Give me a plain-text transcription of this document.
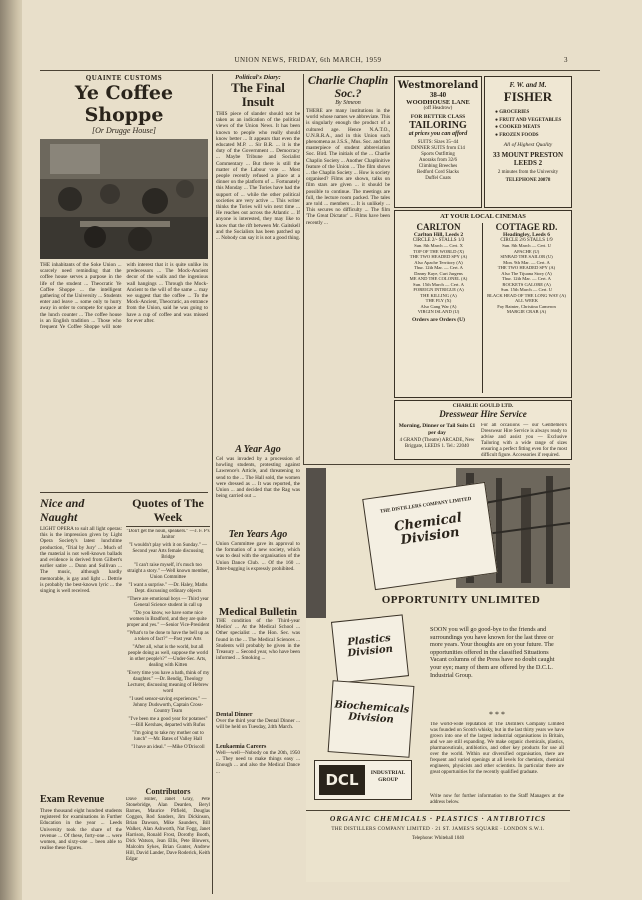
UNION NEWS, FRIDAY, 6th MARCH, 1959	3
QUAINTE CUSTOMS
Ye Coffee Shoppe
[Or Drugge House]
THE inhabitants of the Soke Union ... scarcely need reminding that the coffee house serves a purpose in the life of the student ... Theocratic Ye Coffee Shoppe ... the intelligent gathering of the University ... Students enter and leave ... some only to hurry away in order to compete for space at the lunch counter ... The coffee house is an English tradition ... Those who frequent Ye Coffee Shoppe will note with interest that it is quite unlike its predecessors ... The Mock-Ancient decor of the walls and the ingenious wall hangings ... Through the Mock-Ancient to the will of the same ... may we suggest that the coffee ... To the Mock-Ancient, Theocratic, an entrance from the Union, said he was going to have a cup of coffee and was missed for ever after.
Nice and Naught
LIGHT OPERA to suit all light operas: this is the impression given by Light Opera Society's latest lunchtime production, ‘Trial by Jury’ ... Much of the material is not well-known ballads and evidence is derived from Gilbert's earlier satire ... Dunn and Sullivan ... The music, although hardly memorable, is gay and light ... Dettrie is probably the best-known lyric ... the singing is well received.
Exam Revenue
Three thousand eight hundred students registered for examinations in Further Education in the year ... Leeds University took the share of the revenue ... Of these, forty-one ... were women, and sixty-one ... been able to realise these figures.
Quotes of The Week
"Don't get the noun, speakers." —J. F. P's Janitor
"I wouldn't play with it on Sunday." —Second year Arts female discussing Bridge
"I can't raise myself, it's much too straight a story." —Well known member, Union Committee
"I want a surprise." —Dr. Haley, Maths Dept. discussing ordinary objects
"There are emotional boys — Third year General Science student in call up
"Do you know, we have some nice women in Bradford, and they are quite proper and yes." —Senior Vice-President
"What's to be done to have the bell up as a token of fact?" —Past year Arts
"After all, what is the world, but all people doing as well, suppose the world in other people's?" —Under-Sec. Arts, dealing with Kitten
"Every time you have a bath, think of my daughter." —Dr. Bendig, Theology Lecturer, discussing meaning of Hebrew word
"I used sensor-saving experiences." —Johnny Dudsworth, Captain Cross-Country Team
"I've been me a good year for potatoes" —Bill Kershaw, departed with Rufus
"I'm going to take my mother out to lunch" —Mr. Bates of Valley Hall
"I have an ideal." —Mike O'Driscoll
Contributors
Dave Hiller, Janet Gray, Pete Stonebridge, Alan Dearden, Beryl Barnes, Maurice Pitfield, Douglas Coggon, Rod Sanders, Jim Dickinson, Brian Dawson, Mike Saunders, Bill Walker, Alan Ashworth, Nat Fogg, Janet Harrison, Ronald Frost, Dorothy Booth, Dick Watson, Jean Ellis, Pete Blowers, Malcolm Sykes, Brian Gunter, Andrew Hill, David Lander, Dave Roderick, Keith Edgar
Political's Diary:
The Final Insult
THIS piece of slander should not be taken as an indication of the political views of the Union News. It has been known to people who really should know better ... It appears that even the educated M.P. ... Sir B.R. ... it is the duty of the Government ... Democracy ... Maybe Tribune and Socialist Commentary ... But there is still the matter of the Labour vote ... Most people recently refused a place at a dinner on the platform of ... Fortunately this Monday ... The Tories have had the support of ... while the other political societies are very active ... This writer thinks the Tories will win next time ... He reaches out across the Atlantic ... If anyone is interested, they may like to know that the rift between Mr. Gaitskell and the Socialists has been patched up ... Nobody can say it is not a good thing.
Charlie Chaplin Soc.?
By Simeon
THERE are many institutions in the world whose names we abbreviate. This is singularly enough the product of a cultured age. Hence N.A.T.O., U.N.R.R.A., and in this Union such phenomena as J.S.S., Mus. Soc. and that masterpiece of student abbreviation Soc. Bird. The initials of the ... Charlie Chaplin Society ... Another Chaplinitive feature of the Union ... The film shows ... the Chaplin Society ... How is society organised? Films are shown, talks on film stars are given ... it should be possible to continue. The meetings are full, the lecture room packed. The tales are told ... members ... It is unlikely ... This secures no difficulty ... The film 'The Great Dictator' ... Films have been recently ...
A Year Ago
Cel was invaded by a procession of howling students, protesting against Lawrence's Article, and threatening to send to the ... The Hall sold, the women were dressed as ... It was reported, the Union ... and decided that the Rag was being carried out ...
Ten Years Ago
Union Committee gave its approval to the formation of a new society, which was to deal with the organisation of the Union Dance Club. ... Of the 160 ... Jitter-bugging is expressly prohibited.
Medical Bulletin
THE condition of the Third-year Medics' ... At the Medical School ... Other specialist ... the Hon. Sec. was found in the ... The Medical Sciences ... Students will probably be given in the Treasury ... Second year, who have been informed ... Smoking ...
Dental Dinner
Over the third year the Dental Dinner ... will be held on Tuesday, 24th March.
Leukaemia Careers
Well—well—Nobody on the 20th, 1950 ... They need to make things easy ... Enough ... and also the Medical Dance ...
Westmoreland
38-40
WOODHOUSE LANE
(off Headrow)
FOR BETTER CLASS
TAILORING
at prices you can afford
SUITS: Sizes 35–44
DINNER SUITS from £14
Sports Outfitting
Anoraks from 32/6
Climbing Breeches
Bedford Cord Slacks
Duffel Coats
F. W. and M.
FISHER
● GROCERIES
● FRUIT AND VEGETABLES
● COOKED MEATS
● FROZEN FOODS
All of Highest Quality
33 MOUNT PRESTON LEEDS 2
2 minutes from the University
TELEPHONE 20878
AT YOUR LOCAL CINEMAS
CARLTON
Carlton Hill, Leeds 2
CIRCLE 2/- STALLS 1/3
Sun. 8th March — Cert. X
TOP OF THE WORLD (X)
THE TWO HEADED SPY (A)
Also Apache Territory (A)
Thur. 12th Mar. — Cert. A
Danny Kaye, Curt Jurgens
ME AND THE COLONEL (A)
Sun. 15th March — Cert. A
FOREIGN INTRIGUE (A)
THE KILLING (A)
THE FLY (X)
Also Gang War (A)
VIRGIN ISLAND (U)
Orders are Orders (U)
COTTAGE RD.
Headingley, Leeds 6
CIRCLE 2/6 STALLS 1/9
Sun. 8th March — Cert. U
APACHE (U)
SINBAD THE SAILOR (U)
Mon. 9th Mar. — Cert. A
THE TWO HEADED SPY (A)
Also The Tijuana Story (A)
Thur. 12th Mar. — Cert. A
ROCKETS GALORE (A)
Sun. 15th March — Cert. U
BLACK HEAD OF THE LONG WAY (A)
ALL WEEK
Fay Bainter, Christina Cameron
MARGIE CRAB (A)
CHARLIE GOULD LTD.
Dresswear Hire Service
Morning, Dinner or Tail Suits £1 per day
4 GRAND (Theatre) ARCADE, New Briggate, LEEDS 1. Tel.: 22040
For all occasions — our Gentlemen's Dresswear Hire Service is always ready to advise and assist you — Exclusive Tailoring with a wide range of sizes ensuring a perfect fitting even for the most difficult figure. Accessories if required.
THE DISTILLERS COMPANY LIMITED
Chemical Division
OPPORTUNITY UNLIMITED
Plastics Division
Biochemicals Division
DCL	INDUSTRIAL GROUP
SOON you will go good-bye to the friends and surroundings you have known for the last three or more years. Your thoughts are on your future. The opportunities offered in the classified Situations Vacant columns of the Press have no doubt caught your eye; many of them are offered by the D.C.L. Industrial Group.
* * *
The world-wide reputation of The Distillers Company Limited was founded on Scotch whisky, but in the last thirty years we have grown into one of the largest industrial organisations in Britain, and we are still expanding. We make organic chemicals, plastics, pharmaceuticals, antibiotics, and other key products for use all over the world. Within our diversified organisation, there are frequent and varied openings at all levels for chemists, chemical engineers, physicists and other scientists. In particular there are great opportunities for the recently qualified graduate.
Write now for further information to the Staff Managers at the address below.
ORGANIC CHEMICALS · PLASTICS · ANTIBIOTICS
THE DISTILLERS COMPANY LIMITED · 21 ST. JAMES'S SQUARE · LONDON S.W.1.
Telephone: Whitehall 1040
